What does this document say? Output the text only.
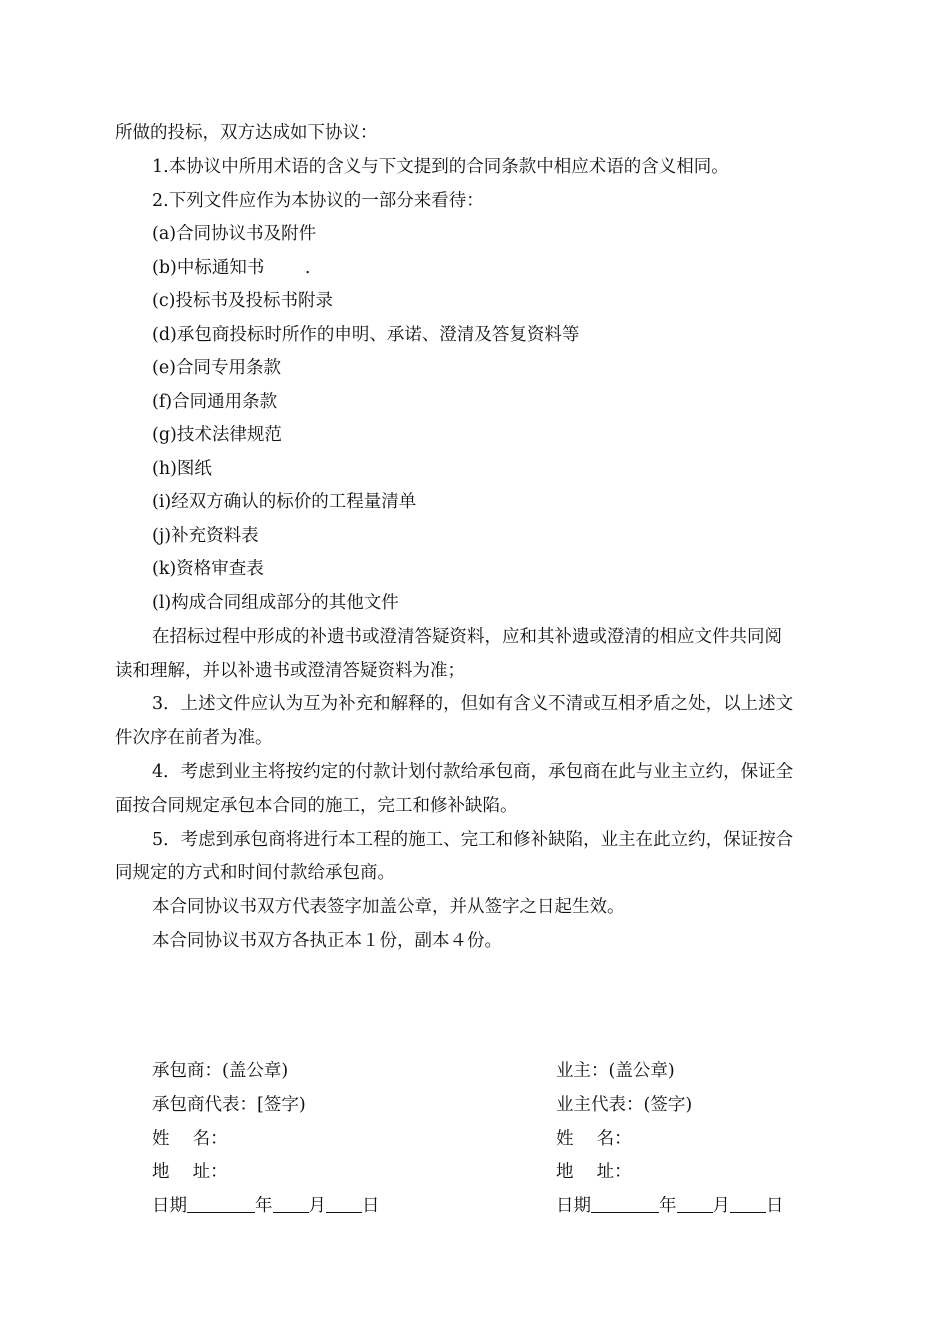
所做的投标，双方达成如下协议：
1.本协议中所用术语的含义与下文提到的合同条款中相应术语的含义相同。
2.下列文件应作为本协议的一部分来看待：
(a)合同协议书及附件
(b)中标通知书　　 .
(c)投标书及投标书附录
(d)承包商投标时所作的申明、承诺、澄清及答复资料等
(e)合同专用条款
(f)合同通用条款
(g)技术法律规范
(h)图纸
(i)经双方确认的标价的工程量清单
(j)补充资料表
(k)资格审查表
(l)构成合同组成部分的其他文件
在招标过程中形成的补遗书或澄清答疑资料，应和其补遗或澄清的相应文件共同阅
读和理解，并以补遗书或澄清答疑资料为准；
3．上述文件应认为互为补充和解释的，但如有含义不清或互相矛盾之处，以上述文
件次序在前者为准。
4．考虑到业主将按约定的付款计划付款给承包商，承包商在此与业主立约，保证全
面按合同规定承包本合同的施工，完工和修补缺陷。
5．考虑到承包商将进行本工程的施工、完工和修补缺陷，业主在此立约，保证按合
同规定的方式和时间付款给承包商。
本合同协议书双方代表签字加盖公章，并从签字之日起生效。
本合同协议书双方各执正本１份，副本４份。
承包商：(盖公章)
承包商代表：[签字)
姓　 名：
地　 址：
日期	年 月 日
业主：(盖公章)
业主代表：(签字)
姓　 名：
地　 址：
日期	年 月 日
